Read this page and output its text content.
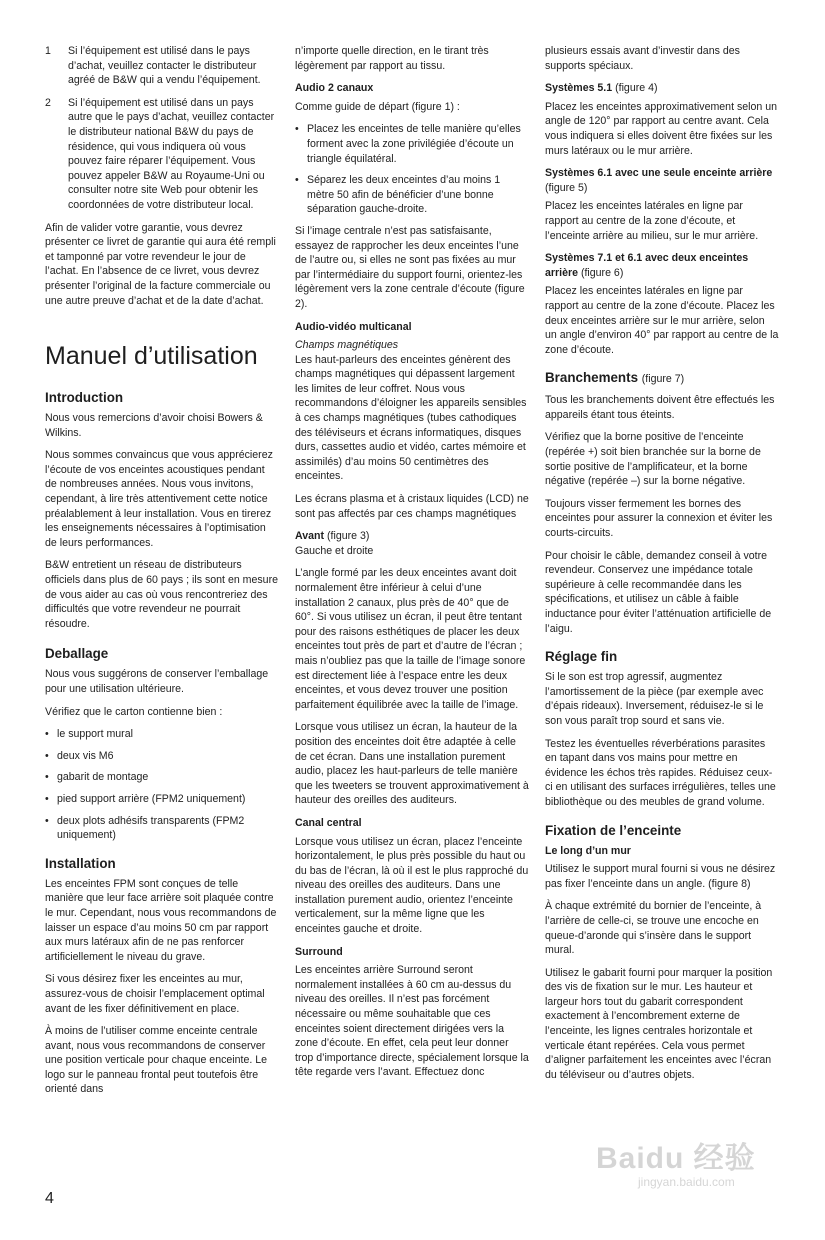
1	Si l’équipement est utilisé dans le pays d’achat, veuillez contacter le distributeur agréé de B&W qui a vendu l’équipement.
2	Si l’équipement est utilisé dans un pays autre que le pays d’achat, veuillez contacter le distributeur national B&W du pays de résidence, qui vous indiquera où vous pouvez faire réparer l’équipement. Vous pouvez appeler B&W au Royaume-Uni ou consulter notre site Web pour obtenir les coordonnées de votre distributeur local.

Afin de valider votre garantie, vous devrez présenter ce livret de garantie qui aura été rempli et tamponné par votre revendeur le jour de l’achat. En l’absence de ce livret, vous devrez présenter l’original de la facture commerciale ou une autre preuve d’achat et de la date d’achat.

Manuel d’utilisation
Introduction

Nous vous remercions d’avoir choisi Bowers & Wilkins.

Nous sommes convaincus que vous apprécierez l’écoute de vos enceintes acoustiques pendant de nombreuses années. Nous vous invitons, cependant, à lire très attentivement cette notice préalablement à leur installation. Vous en tirerez les enseignements nécessaires à l’optimisation de leurs performances.

B&W entretient un réseau de distributeurs officiels dans plus de 60 pays ; ils sont en mesure de vous aider au cas où vous rencontreriez des difficultés que votre revendeur ne pourrait résoudre.

Deballage

Nous vous suggérons de conserver l’emballage pour une utilisation ultérieure.

Vérifiez que le carton contienne bien :

• le support mural
• deux vis M6
• gabarit de montage
• pied support arrière (FPM2 uniquement)
• deux plots adhésifs transparents (FPM2 uniquement)
Installation

Les enceintes FPM sont conçues de telle manière que leur face arrière soit plaquée contre le mur. Cependant, nous vous recommandons de laisser un espace d’au moins 50 cm par rapport aux murs latéraux afin de ne pas renforcer artificiellement le niveau du grave.

Si vous désirez fixer les enceintes au mur, assurez-vous de choisir l’emplacement optimal avant de les fixer définitivement en place.

À moins de l’utiliser comme enceinte centrale avant, nous vous recommandons de conserver une position verticale pour chaque enceinte. Le logo sur le panneau frontal peut toutefois être orienté dans

n’importe quelle direction, en le tirant très légèrement par rapport au tissu.

Audio 2 canaux

Comme guide de départ (figure 1) :

• Placez les enceintes de telle manière qu’elles forment avec la zone privilégiée d’écoute un triangle équilatéral.
• Séparez les deux enceintes d’au moins 1 mètre 50 afin de bénéficier d’une bonne séparation gauche-droite.

Si l’image centrale n’est pas satisfaisante, essayez de rapprocher les deux enceintes l’une de l’autre ou, si elles ne sont pas fixées au mur par l’intermédiaire du support fourni, orientez-les légèrement vers la zone centrale d’écoute (figure 2).

Audio-vidéo multicanal
Champs magnétiques

Les haut-parleurs des enceintes génèrent des champs magnétiques qui dépassent largement les limites de leur coffret. Nous vous recommandons d’éloigner les appareils sensibles à ces champs magnétiques (tubes cathodiques des téléviseurs et écrans informatiques, disques durs, cassettes audio et vidéo, cartes mémoire et assimilés) d’au moins 50 centimètres des enceintes.

Les écrans plasma et à cristaux liquides (LCD) ne sont pas affectés par ces champs magnétiques

Avant (figure 3)

Gauche et droite

L’angle formé par les deux enceintes avant doit normalement être inférieur à celui d’une installation 2 canaux, plus près de 40° que de 60°. Si vous utilisez un écran, il peut être tentant pour des raisons esthétiques de placer les deux enceintes tout près de part et d’autre de l’écran ; mais n’oubliez pas que la taille de l’image sonore est directement liée à l’espace entre les deux enceintes, et vous devez trouver une position parfaitement équilibrée avec la taille de l’image.

Lorsque vous utilisez un écran, la hauteur de la position des enceintes doit être adaptée à celle de cet écran. Dans une installation purement audio, placez les haut-parleurs de telle manière que les tweeters se trouvent approximativement à hauteur des oreilles des auditeurs.

Canal central

Lorsque vous utilisez un écran, placez l’enceinte horizontalement, le plus près possible du haut ou du bas de l’écran, là où il est le plus rapproché du niveau des oreilles des auditeurs. Dans une installation purement audio, orientez l’enceinte verticalement, sur la même ligne que les enceintes gauche et droite.

Surround

Les enceintes arrière Surround seront normalement installées à 60 cm au-dessus du niveau des oreilles. Il n’est pas forcément nécessaire ou même souhaitable que ces enceintes soient directement dirigées vers la zone d’écoute. En effet, cela peut leur donner trop d’importance directe, spécialement lorsque la tête regarde vers l’avant. Effectuez donc

plusieurs essais avant d’investir dans des supports spéciaux.

Systèmes 5.1 (figure 4)

Placez les enceintes approximativement selon un angle de 120° par rapport au centre avant. Cela vous indiquera si elles doivent être fixées sur les murs latéraux ou le mur arrière.

Systèmes 6.1 avec une seule enceinte arrière (figure 5)

Placez les enceintes latérales en ligne par rapport au centre de la zone d’écoute, et l’enceinte arrière au milieu, sur le mur arrière.

Systèmes 7.1 et 6.1 avec deux enceintes arrière (figure 6)

Placez les enceintes latérales en ligne par rapport au centre de la zone d’écoute. Placez les deux enceintes arrière sur le mur arrière, selon un angle d’environ 40° par rapport au centre de la zone d’écoute.

Branchements (figure 7)

Tous les branchements doivent être effectués les appareils étant tous éteints.

Vérifiez que la borne positive de l’enceinte (repérée +) soit bien branchée sur la borne de sortie positive de l’amplificateur, et la borne négative (repérée –) sur la borne négative.

Toujours visser fermement les bornes des enceintes pour assurer la connexion et éviter les courts-circuits.

Pour choisir le câble, demandez conseil à votre revendeur. Conservez une impédance totale supérieure à celle recommandée dans les spécifications, et utilisez un câble à faible inductance pour éviter l’atténuation artificielle de l’aigu.

Réglage fin

Si le son est trop agressif, augmentez l’amortissement de la pièce (par exemple avec d’épais rideaux). Inversement, réduisez-le si le son vous paraît trop sourd et sans vie.

Testez les éventuelles réverbérations parasites en tapant dans vos mains pour mettre en évidence les échos très rapides. Réduisez ceux-ci en utilisant des surfaces irrégulières, telles une bibliothèque ou des meubles de grand volume.

Fixation de l’enceinte
Le long d’un mur

Utilisez le support mural fourni si vous ne désirez pas fixer l’enceinte dans un angle. (figure 8)

À chaque extrémité du bornier de l’enceinte, à l’arrière de celle-ci, se trouve une encoche en queue-d’aronde qui s’insère dans le support mural.

Utilisez le gabarit fourni pour marquer la position des vis de fixation sur le mur. Les hauteur et largeur hors tout du gabarit correspondent exactement à l’encombrement externe de l’enceinte, les lignes centrales horizontale et verticale étant repérées. Cela vous permet d’aligner parfaitement les enceintes avec l’écran du téléviseur ou d’autres objets.

4
Baidu 经验
jingyan.baidu.com
